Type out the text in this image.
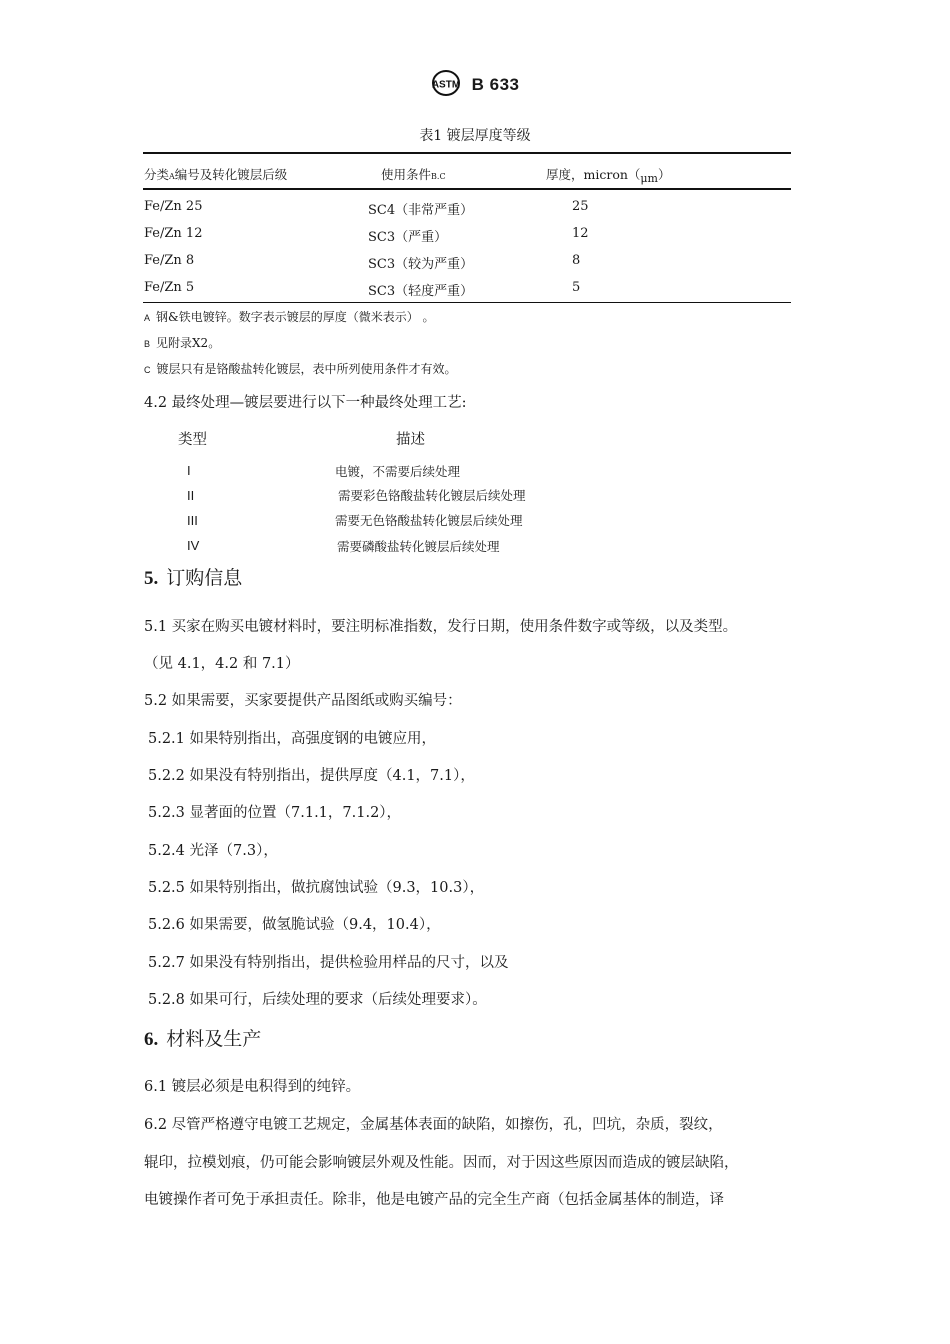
ASTM B 633
表1 镀层厚度等级
分类A编号及转化镀层后级	使用条件B.C	厚度，micron（μm）
Fe/Zn 25	SC4（非常严重）	25
Fe/Zn 12	SC3（严重）	12
Fe/Zn 8	SC3（较为严重）	8
Fe/Zn 5	SC3（轻度严重）	5
A 钢&铁电镀锌。数字表示镀层的厚度（微米表示） 。
B 见附录X2。
C 镀层只有是铬酸盐转化镀层，表中所列使用条件才有效。
4.2 最终处理—镀层要进行以下一种最终处理工艺:
类型	描述
I	电镀，不需要后续处理
II	需要彩色铬酸盐转化镀层后续处理
III	需要无色铬酸盐转化镀层后续处理
IV	需要磷酸盐转化镀层后续处理
5. 订购信息
5.1 买家在购买电镀材料时，要注明标准指数，发行日期，使用条件数字或等级，以及类型。
（见 4.1，4.2 和 7.1）
5.2 如果需要，买家要提供产品图纸或购买编号：
5.2.1 如果特别指出，高强度钢的电镀应用，
5.2.2 如果没有特别指出，提供厚度（4.1，7.1），
5.2.3 显著面的位置（7.1.1，7.1.2），
5.2.4 光泽（7.3），
5.2.5 如果特别指出，做抗腐蚀试验（9.3，10.3），
5.2.6 如果需要，做氢脆试验（9.4，10.4），
5.2.7 如果没有特别指出，提供检验用样品的尺寸，以及
5.2.8 如果可行，后续处理的要求（后续处理要求）。
6. 材料及生产
6.1 镀层必须是电积得到的纯锌。
6.2 尽管严格遵守电镀工艺规定，金属基体表面的缺陷，如擦伤，孔，凹坑，杂质，裂纹，
辊印，拉模划痕，仍可能会影响镀层外观及性能。因而，对于因这些原因而造成的镀层缺陷，
电镀操作者可免于承担责任。除非，他是电镀产品的完全生产商（包括金属基体的制造，译
